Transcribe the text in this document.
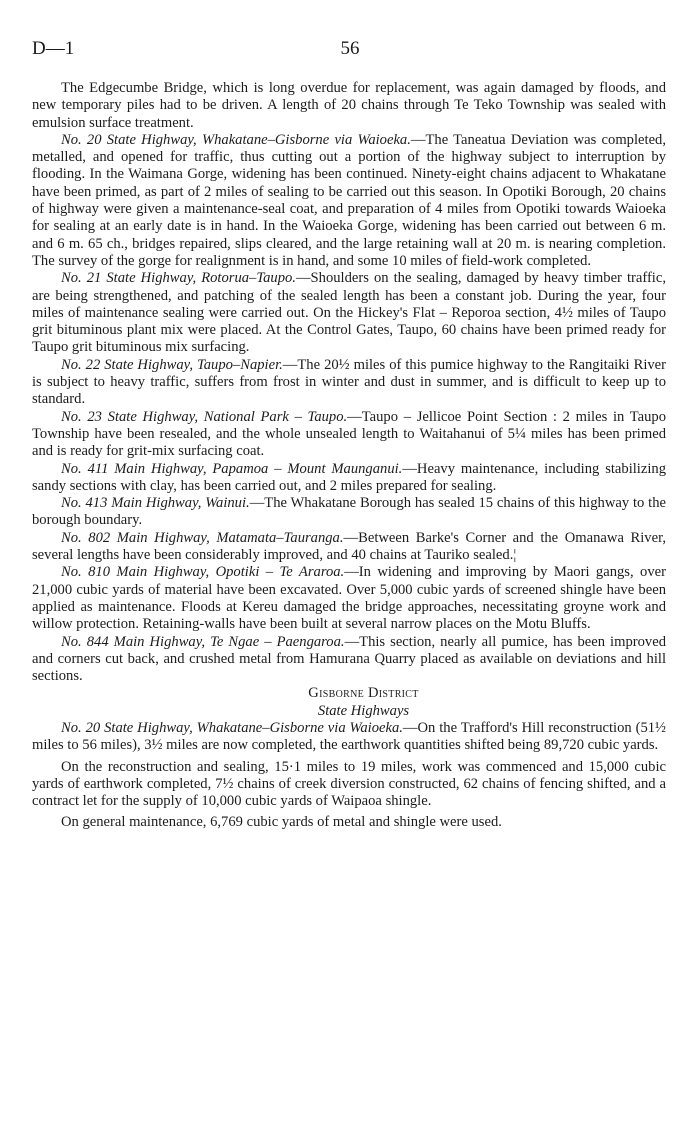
D—1	56

The Edgecumbe Bridge, which is long overdue for replacement, was again damaged by floods, and new temporary piles had to be driven. A length of 20 chains through Te Teko Township was sealed with emulsion surface treatment.

No. 20 State Highway, Whakatane–Gisborne via Waioeka.—The Taneatua Deviation was completed, metalled, and opened for traffic, thus cutting out a portion of the highway subject to interruption by flooding. In the Waimana Gorge, widening has been continued. Ninety-eight chains adjacent to Whakatane have been primed, as part of 2 miles of sealing to be carried out this season. In Opotiki Borough, 20 chains of highway were given a maintenance-seal coat, and preparation of 4 miles from Opotiki towards Waioeka for sealing at an early date is in hand. In the Waioeka Gorge, widening has been carried out between 6 m. and 6 m. 65 ch., bridges repaired, slips cleared, and the large retaining wall at 20 m. is nearing completion. The survey of the gorge for realignment is in hand, and some 10 miles of field-work completed.

No. 21 State Highway, Rotorua–Taupo.—Shoulders on the sealing, damaged by heavy timber traffic, are being strengthened, and patching of the sealed length has been a constant job. During the year, four miles of maintenance sealing were carried out. On the Hickey's Flat – Reporoa section, 4½ miles of Taupo grit bituminous plant mix were placed. At the Control Gates, Taupo, 60 chains have been primed ready for Taupo grit bituminous mix surfacing.

No. 22 State Highway, Taupo–Napier.—The 20½ miles of this pumice highway to the Rangitaiki River is subject to heavy traffic, suffers from frost in winter and dust in summer, and is difficult to keep up to standard.

No. 23 State Highway, National Park – Taupo.—Taupo – Jellicoe Point Section : 2 miles in Taupo Township have been resealed, and the whole unsealed length to Waitahanui of 5¼ miles has been primed and is ready for grit-mix surfacing coat.

No. 411 Main Highway, Papamoa – Mount Maunganui.—Heavy maintenance, including stabilizing sandy sections with clay, has been carried out, and 2 miles prepared for sealing.

No. 413 Main Highway, Wainui.—The Whakatane Borough has sealed 15 chains of this highway to the borough boundary.

No. 802 Main Highway, Matamata–Tauranga.—Between Barke's Corner and the Omanawa River, several lengths have been considerably improved, and 40 chains at Tauriko sealed.¦

No. 810 Main Highway, Opotiki – Te Araroa.—In widening and improving by Maori gangs, over 21,000 cubic yards of material have been excavated. Over 5,000 cubic yards of screened shingle have been applied as maintenance. Floods at Kereu damaged the bridge approaches, necessitating groyne work and willow protection. Retaining-walls have been built at several narrow places on the Motu Bluffs.

No. 844 Main Highway, Te Ngae – Paengaroa.—This section, nearly all pumice, has been improved and corners cut back, and crushed metal from Hamurana Quarry placed as available on deviations and hill sections.

Gisborne District

State Highways

No. 20 State Highway, Whakatane–Gisborne via Waioeka.—On the Trafford's Hill reconstruction (51½ miles to 56 miles), 3½ miles are now completed, the earthwork quantities shifted being 89,720 cubic yards.

On the reconstruction and sealing, 15·1 miles to 19 miles, work was commenced and 15,000 cubic yards of earthwork completed, 7½ chains of creek diversion constructed, 62 chains of fencing shifted, and a contract let for the supply of 10,000 cubic yards of Waipaoa shingle.

On general maintenance, 6,769 cubic yards of metal and shingle were used.
